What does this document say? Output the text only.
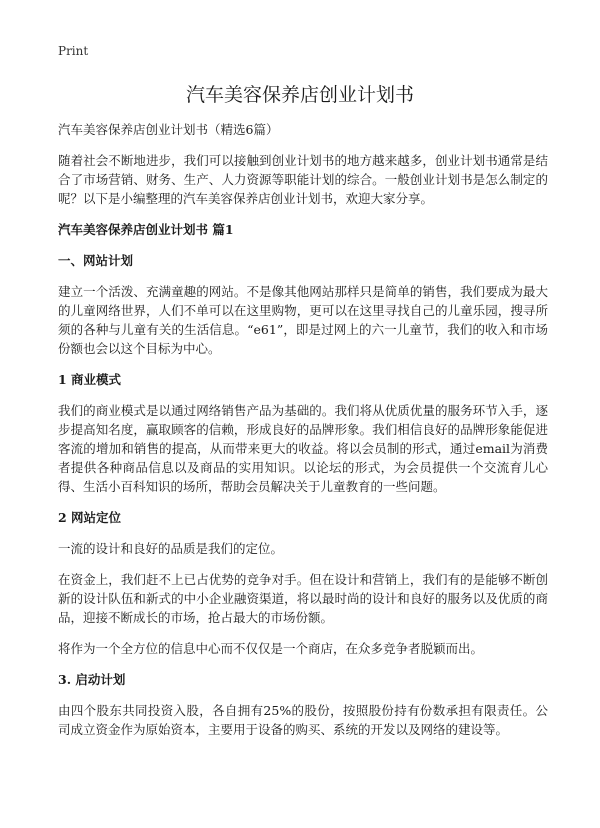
Print
汽车美容保养店创业计划书

汽车美容保养店创业计划书（精选6篇）

随着社会不断地进步，我们可以接触到创业计划书的地方越来越多，创业计划书通常是结合了市场营销、财务、生产、人力资源等职能计划的综合。一般创业计划书是怎么制定的呢？以下是小编整理的汽车美容保养店创业计划书，欢迎大家分享。

汽车美容保养店创业计划书 篇1

一、网站计划

建立一个活泼、充满童趣的网站。不是像其他网站那样只是简单的销售，我们要成为最大的儿童网络世界，人们不单可以在这里购物，更可以在这里寻找自己的儿童乐园，搜寻所须的各种与儿童有关的生活信息。“e61”，即是过网上的六一儿童节，我们的收入和市场份额也会以这个目标为中心。

1 商业模式

我们的商业模式是以通过网络销售产品为基础的。我们将从优质优量的服务环节入手，逐步提高知名度，赢取顾客的信赖，形成良好的品牌形象。我们相信良好的品牌形象能促进客流的增加和销售的提高，从而带来更大的收益。将以会员制的形式，通过email为消费者提供各种商品信息以及商品的实用知识。以论坛的形式，为会员提供一个交流育儿心得、生活小百科知识的场所，帮助会员解决关于儿童教育的一些问题。

2 网站定位

一流的设计和良好的品质是我们的定位。

在资金上，我们赶不上已占优势的竞争对手。但在设计和营销上，我们有的是能够不断创新的设计队伍和新式的中小企业融资渠道，将以最时尚的设计和良好的服务以及优质的商品，迎接不断成长的市场，抢占最大的市场份额。

将作为一个全方位的信息中心而不仅仅是一个商店，在众多竞争者脱颖而出。

3. 启动计划

由四个股东共同投资入股，各自拥有25%的股份，按照股份持有份数承担有限责任。公司成立资金作为原始资本，主要用于设备的购买、系统的开发以及网络的建设等。
